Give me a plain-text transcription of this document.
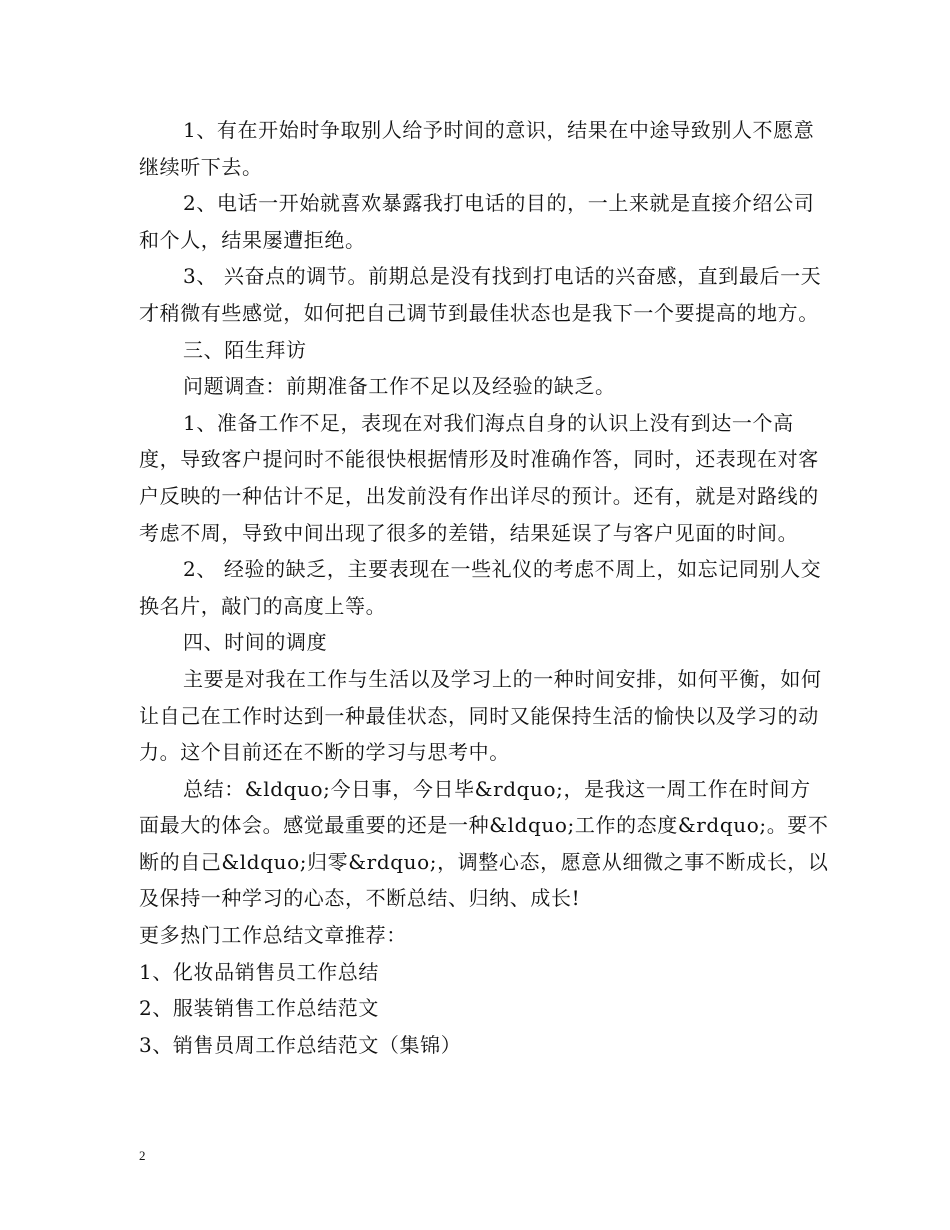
1、有在开始时争取别人给予时间的意识，结果在中途导致别人不愿意继续听下去。

2、电话一开始就喜欢暴露我打电话的目的，一上来就是直接介绍公司和个人，结果屡遭拒绝。

3、 兴奋点的调节。前期总是没有找到打电话的兴奋感，直到最后一天才稍微有些感觉，如何把自己调节到最佳状态也是我下一个要提高的地方。

三、陌生拜访

问题调查：前期准备工作不足以及经验的缺乏。

1、准备工作不足，表现在对我们海点自身的认识上没有到达一个高度，导致客户提问时不能很快根据情形及时准确作答，同时，还表现在对客户反映的一种估计不足，出发前没有作出详尽的预计。还有，就是对路线的考虑不周，导致中间出现了很多的差错，结果延误了与客户见面的时间。

2、 经验的缺乏，主要表现在一些礼仪的考虑不周上，如忘记同别人交换名片，敲门的高度上等。

四、时间的调度

主要是对我在工作与生活以及学习上的一种时间安排，如何平衡，如何让自己在工作时达到一种最佳状态，同时又能保持生活的愉快以及学习的动力。这个目前还在不断的学习与思考中。

总结：&ldquo;今日事，今日毕&rdquo;，是我这一周工作在时间方面最大的体会。感觉最重要的还是一种&ldquo;工作的态度&rdquo;。要不断的自己&ldquo;归零&rdquo;，调整心态，愿意从细微之事不断成长，以及保持一种学习的心态，不断总结、归纳、成长!

更多热门工作总结文章推荐：

1、化妆品销售员工作总结

2、服装销售工作总结范文

3、销售员周工作总结范文（集锦）

2
